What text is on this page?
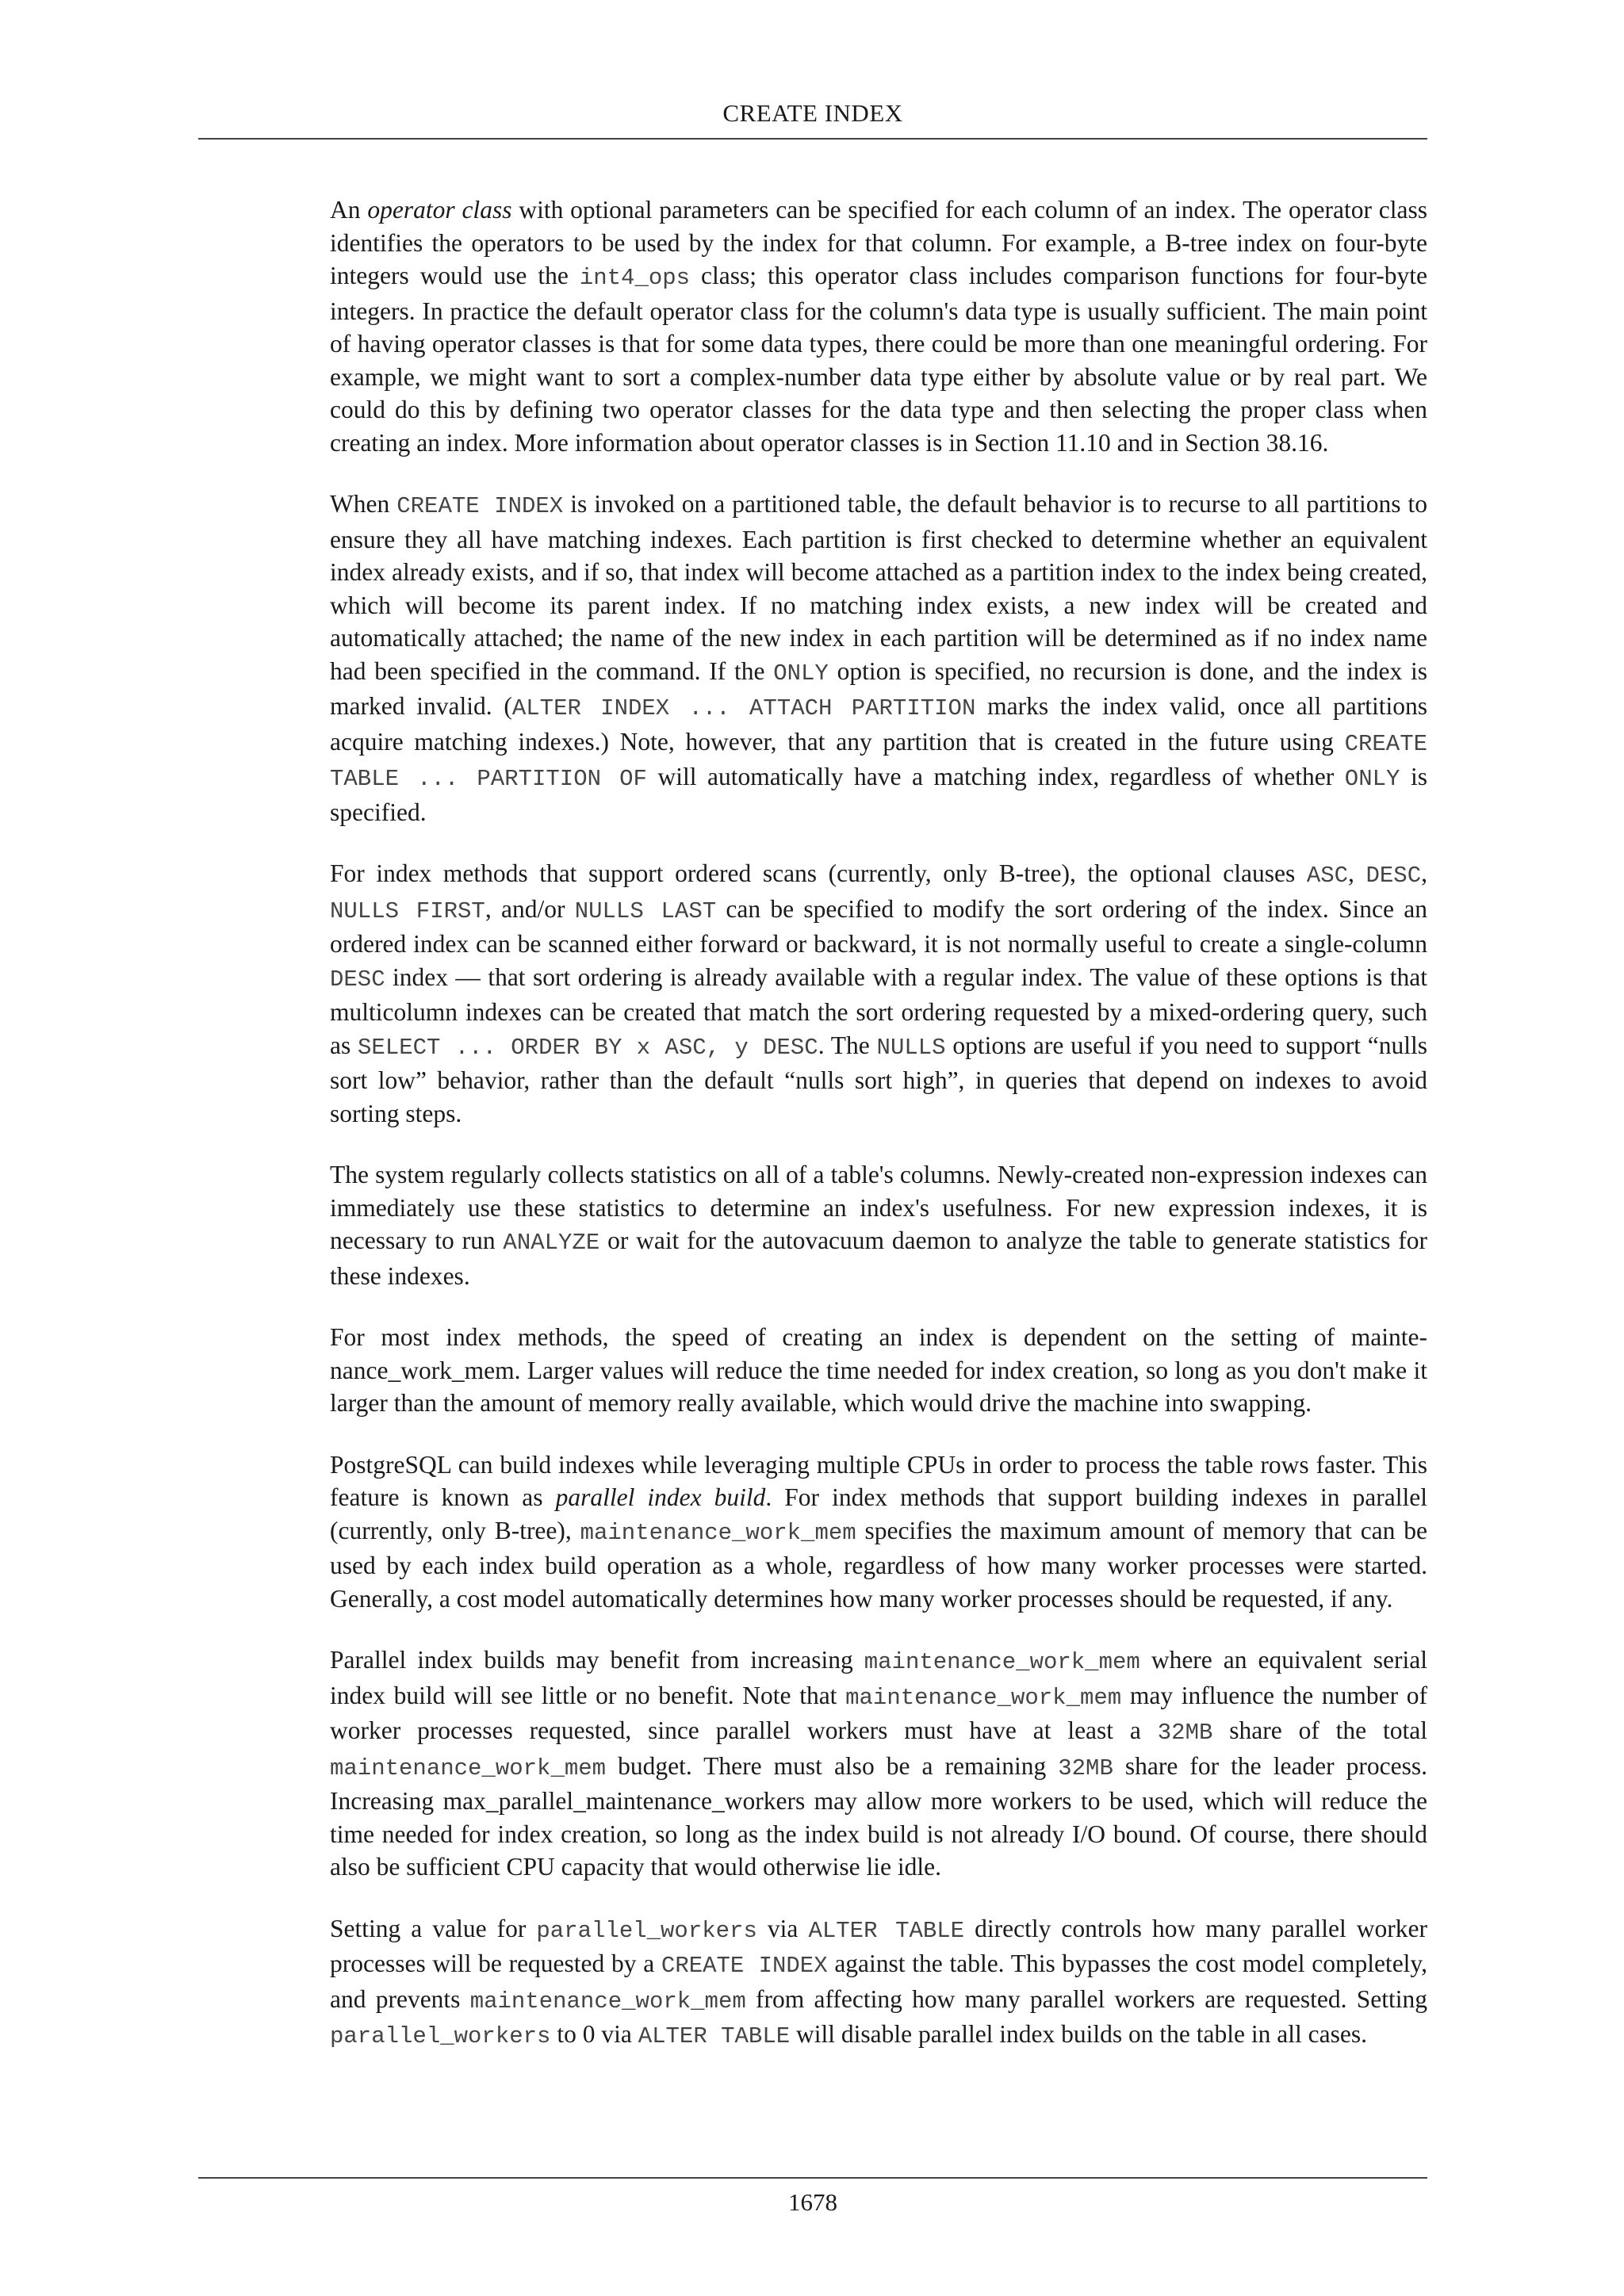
CREATE INDEX

An operator class with optional parameters can be specified for each column of an index. The operator class identifies the operators to be used by the index for that column. For example, a B-tree index on four-byte integers would use the int4_ops class; this operator class includes comparison functions for four-byte integers. In practice the default operator class for the column's data type is usually sufficient. The main point of having operator classes is that for some data types, there could be more than one meaningful ordering. For example, we might want to sort a complex-number data type either by absolute value or by real part. We could do this by defining two operator classes for the data type and then selecting the proper class when creating an index. More information about operator classes is in Section 11.10 and in Section 38.16.

When CREATE INDEX is invoked on a partitioned table, the default behavior is to recurse to all partitions to ensure they all have matching indexes. Each partition is first checked to determine whether an equivalent index already exists, and if so, that index will become attached as a partition index to the index being created, which will become its parent index. If no matching index exists, a new index will be created and automatically attached; the name of the new index in each partition will be determined as if no index name had been specified in the command. If the ONLY option is specified, no recursion is done, and the index is marked invalid. (ALTER INDEX ... ATTACH PARTITION marks the index valid, once all partitions acquire matching indexes.) Note, however, that any partition that is created in the future using CREATE TABLE ... PARTITION OF will automatically have a matching index, regardless of whether ONLY is specified.

For index methods that support ordered scans (currently, only B-tree), the optional clauses ASC, DESC, NULLS FIRST, and/or NULLS LAST can be specified to modify the sort ordering of the index. Since an ordered index can be scanned either forward or backward, it is not normally useful to create a single-column DESC index — that sort ordering is already available with a regular index. The value of these options is that multicolumn indexes can be created that match the sort ordering requested by a mixed-ordering query, such as SELECT ... ORDER BY x ASC, y DESC. The NULLS options are useful if you need to support “nulls sort low” behavior, rather than the default “nulls sort high”, in queries that depend on indexes to avoid sorting steps.

The system regularly collects statistics on all of a table's columns. Newly-created non-expression indexes can immediately use these statistics to determine an index's usefulness. For new expression indexes, it is necessary to run ANALYZE or wait for the autovacuum daemon to analyze the table to generate statistics for these indexes.

For most index methods, the speed of creating an index is dependent on the setting of maintenance_work_mem. Larger values will reduce the time needed for index creation, so long as you don't make it larger than the amount of memory really available, which would drive the machine into swapping.

PostgreSQL can build indexes while leveraging multiple CPUs in order to process the table rows faster. This feature is known as parallel index build. For index methods that support building indexes in parallel (currently, only B-tree), maintenance_work_mem specifies the maximum amount of memory that can be used by each index build operation as a whole, regardless of how many worker processes were started. Generally, a cost model automatically determines how many worker processes should be requested, if any.

Parallel index builds may benefit from increasing maintenance_work_mem where an equivalent serial index build will see little or no benefit. Note that maintenance_work_mem may influence the number of worker processes requested, since parallel workers must have at least a 32MB share of the total maintenance_work_mem budget. There must also be a remaining 32MB share for the leader process. Increasing max_parallel_maintenance_workers may allow more workers to be used, which will reduce the time needed for index creation, so long as the index build is not already I/O bound. Of course, there should also be sufficient CPU capacity that would otherwise lie idle.

Setting a value for parallel_workers via ALTER TABLE directly controls how many parallel worker processes will be requested by a CREATE INDEX against the table. This bypasses the cost model completely, and prevents maintenance_work_mem from affecting how many parallel workers are requested. Setting parallel_workers to 0 via ALTER TABLE will disable parallel index builds on the table in all cases.

1678
